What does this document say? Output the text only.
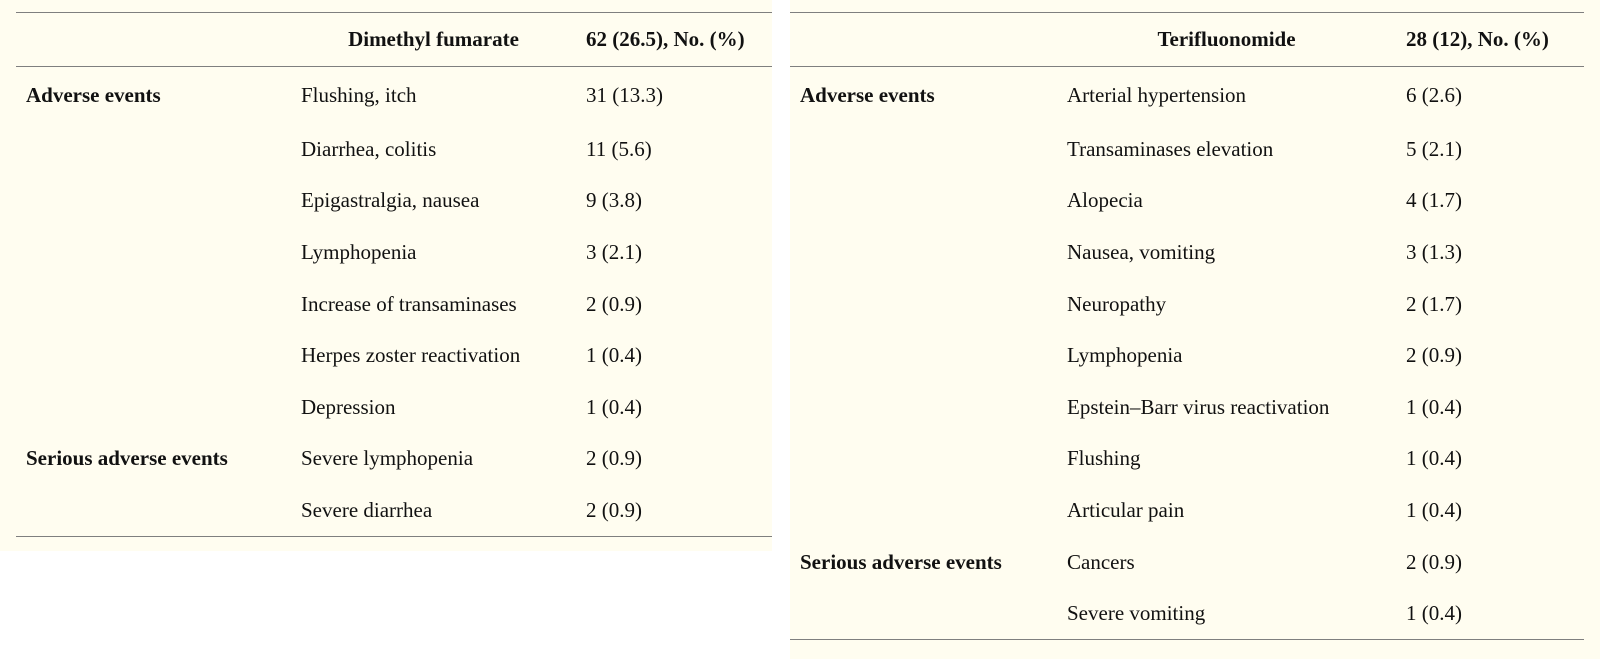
	Dimethyl fumarate	62 (26.5), No. (%)
Adverse events	Flushing, itch	31 (13.3)
	Diarrhea, colitis	11 (5.6)
	Epigastralgia, nausea	9 (3.8)
	Lymphopenia	3 (2.1)
	Increase of transaminases	2 (0.9)
	Herpes zoster reactivation	1 (0.4)
	Depression	1 (0.4)
Serious adverse events	Severe lymphopenia	2 (0.9)
	Severe diarrhea	2 (0.9)
	Terifluonomide	28 (12), No. (%)
Adverse events	Arterial hypertension	6 (2.6)
	Transaminases elevation	5 (2.1)
	Alopecia	4 (1.7)
	Nausea, vomiting	3 (1.3)
	Neuropathy	2 (1.7)
	Lymphopenia	2 (0.9)
	Epstein–Barr virus reactivation	1 (0.4)
	Flushing	1 (0.4)
	Articular pain	1 (0.4)
Serious adverse events	Cancers	2 (0.9)
	Severe vomiting	1 (0.4)
